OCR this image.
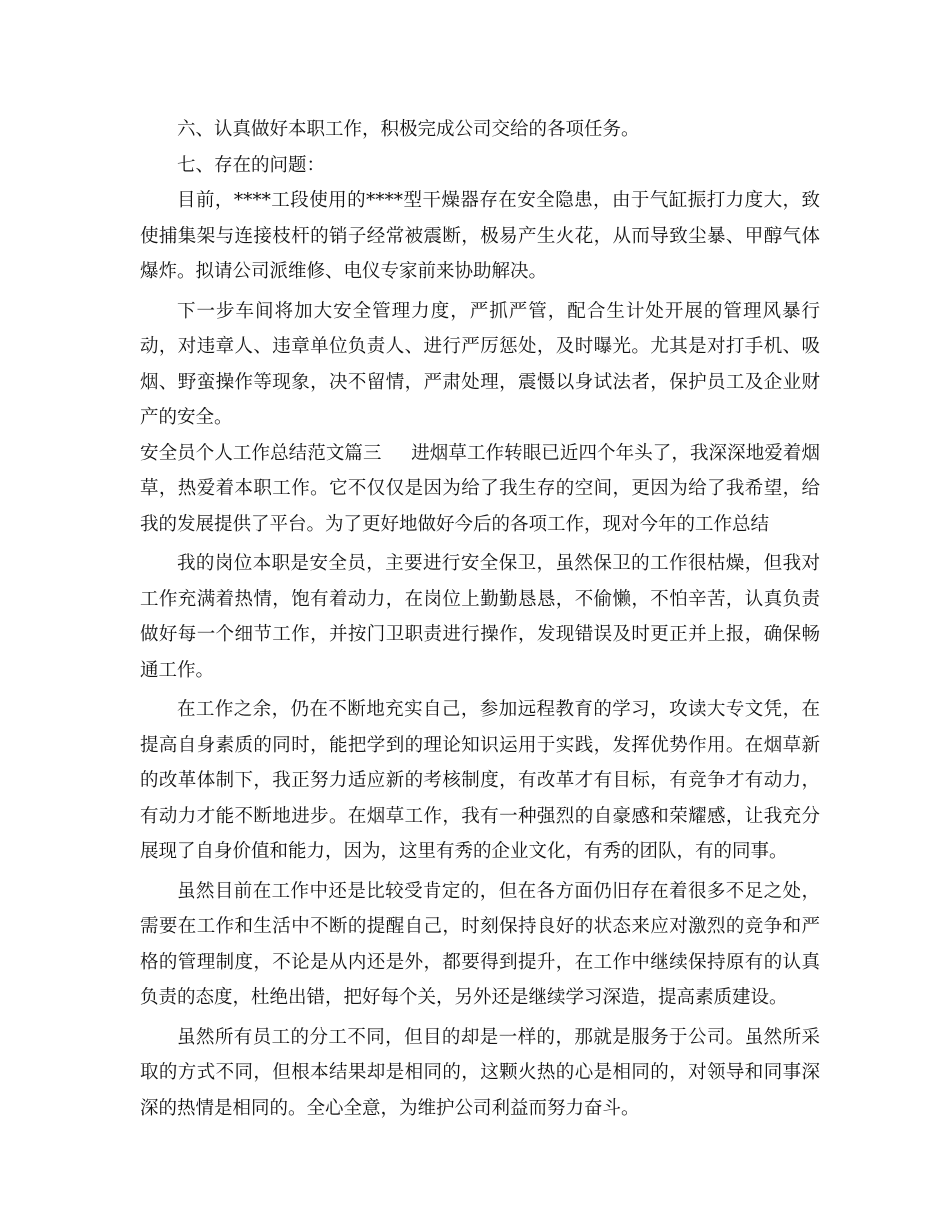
六、认真做好本职工作，积极完成公司交给的各项任务。

七、存在的问题：

目前，****工段使用的****型干燥器存在安全隐患，由于气缸振打力度大，致使捕集架与连接枝杆的销子经常被震断，极易产生火花，从而导致尘暴、甲醇气体爆炸。拟请公司派维修、电仪专家前来协助解决。

下一步车间将加大安全管理力度，严抓严管，配合生计处开展的管理风暴行动，对违章人、违章单位负责人、进行严厉惩处，及时曝光。尤其是对打手机、吸烟、野蛮操作等现象，决不留情，严肃处理，震慑以身试法者，保护员工及企业财产的安全。

安全员个人工作总结范文篇三 进烟草工作转眼已近四个年头了，我深深地爱着烟草，热爱着本职工作。它不仅仅是因为给了我生存的空间，更因为给了我希望，给我的发展提供了平台。为了更好地做好今后的各项工作，现对今年的工作总结

我的岗位本职是安全员，主要进行安全保卫，虽然保卫的工作很枯燥，但我对工作充满着热情，饱有着动力，在岗位上勤勤恳恳，不偷懒，不怕辛苦，认真负责做好每一个细节工作，并按门卫职责进行操作，发现错误及时更正并上报，确保畅通工作。

在工作之余，仍在不断地充实自己，参加远程教育的学习，攻读大专文凭，在提高自身素质的同时，能把学到的理论知识运用于实践，发挥优势作用。在烟草新的改革体制下，我正努力适应新的考核制度，有改革才有目标，有竞争才有动力，有动力才能不断地进步。在烟草工作，我有一种强烈的自豪感和荣耀感，让我充分展现了自身价值和能力，因为，这里有秀的企业文化，有秀的团队，有的同事。

虽然目前在工作中还是比较受肯定的，但在各方面仍旧存在着很多不足之处，需要在工作和生活中不断的提醒自己，时刻保持良好的状态来应对激烈的竞争和严格的管理制度，不论是从内还是外，都要得到提升，在工作中继续保持原有的认真负责的态度，杜绝出错，把好每个关，另外还是继续学习深造，提高素质建设。

虽然所有员工的分工不同，但目的却是一样的，那就是服务于公司。虽然所采取的方式不同，但根本结果却是相同的，这颗火热的心是相同的，对领导和同事深深的热情是相同的。全心全意，为维护公司利益而努力奋斗。
